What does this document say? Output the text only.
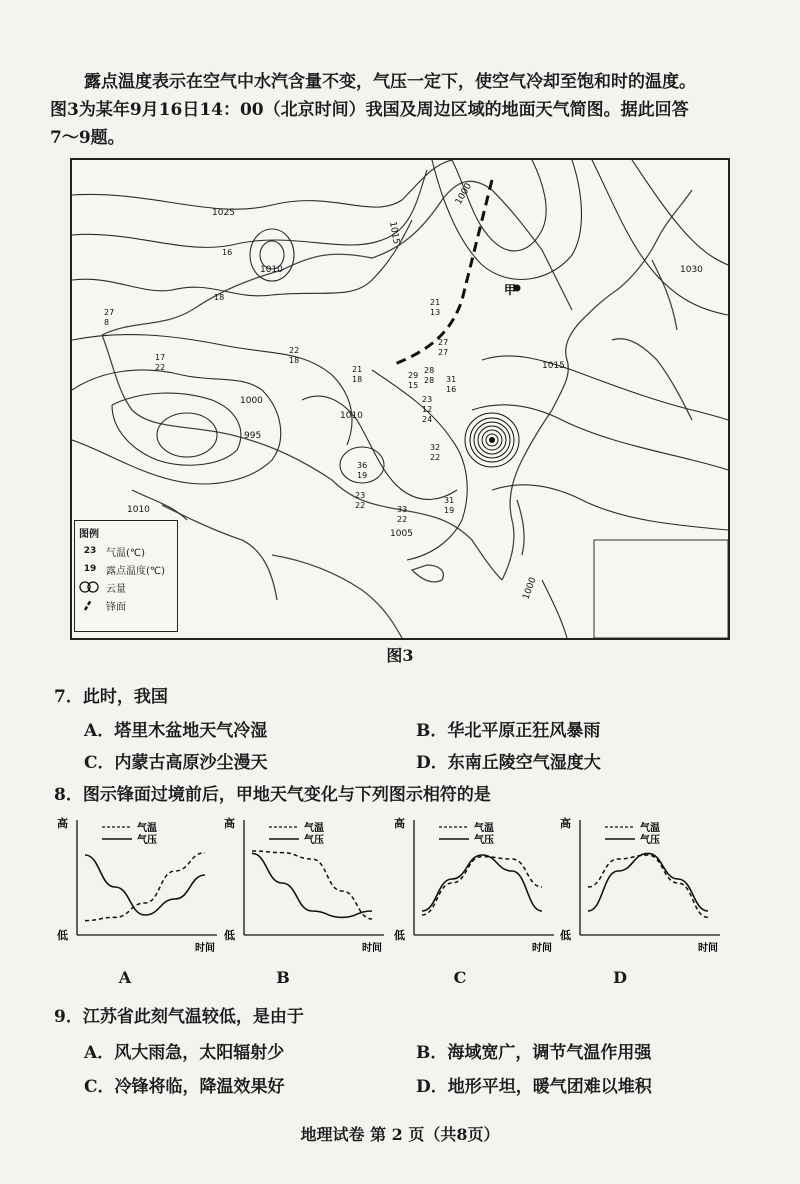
露点温度表示在空气中水汽含量不变，气压一定下，使空气冷却至饱和时的温度。

图3为某年9月16日14：00（北京时间）我国及周边区域的地面天气简图。据此回答
7～9题。
甲
1025
1015
1000
1010	1030
1000
995
1010
1015
1005
1000
1010
16
18
21
13
27
8
17
22
18
21
18
22
27
29
28
31
27
28
16
15
23
12
24
32
36
22
19
23
31
19
33
22
22
图例
23 气温(℃)
19 露点温度(℃)
云量
锋面
图3
7．此时，我国
A．塔里木盆地天气冷湿	B．华北平原正狂风暴雨
C．内蒙古高原沙尘漫天	D．东南丘陵空气湿度大
8．图示锋面过境前后，甲地天气变化与下列图示相符的是
高
低
时间
气温
气压
A
高
低
时间
气温
气压
B
高
低
时间
气温
气压
C
高
低
时间
气温
气压
D
9．江苏省此刻气温较低，是由于
A．风大雨急，太阳辐射少	B．海域宽广，调节气温作用强
C．冷锋将临，降温效果好	D．地形平坦，暖气团难以堆积
地理试卷 第 2 页（共8页）
